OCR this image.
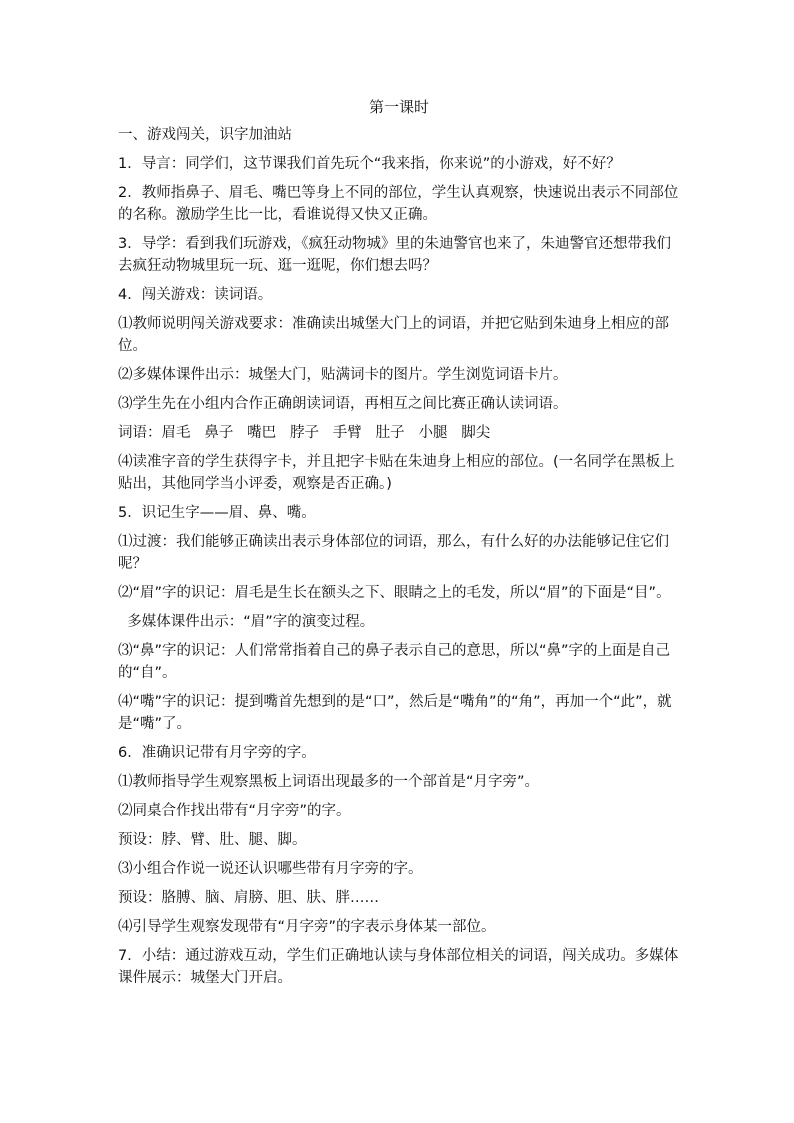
第一课时
一、游戏闯关，识字加油站
1．导言：同学们，这节课我们首先玩个“我来指，你来说”的小游戏，好不好？
2．教师指鼻子、眉毛、嘴巴等身上不同的部位，学生认真观察，快速说出表示不同部位的名称。激励学生比一比，看谁说得又快又正确。
3．导学：看到我们玩游戏，《疯狂动物城》里的朱迪警官也来了，朱迪警官还想带我们去疯狂动物城里玩一玩、逛一逛呢，你们想去吗？
4．闯关游戏：读词语。
⑴教师说明闯关游戏要求：准确读出城堡大门上的词语，并把它贴到朱迪身上相应的部位。
⑵多媒体课件出示：城堡大门，贴满词卡的图片。学生浏览词语卡片。
⑶学生先在小组内合作正确朗读词语，再相互之间比赛正确认读词语。
词语：眉毛   鼻子   嘴巴   脖子   手臂   肚子   小腿   脚尖
⑷读准字音的学生获得字卡，并且把字卡贴在朱迪身上相应的部位。(一名同学在黑板上贴出，其他同学当小评委，观察是否正确。)
5．识记生字——眉、鼻、嘴。
⑴过渡：我们能够正确读出表示身体部位的词语，那么，有什么好的办法能够记住它们呢？
⑵“眉”字的识记：眉毛是生长在额头之下、眼睛之上的毛发，所以“眉”的下面是“目”。
多媒体课件出示：“眉”字的演变过程。
⑶“鼻”字的识记：人们常常指着自己的鼻子表示自己的意思，所以“鼻”字的上面是自己的“自”。
⑷“嘴”字的识记：提到嘴首先想到的是“口”，然后是“嘴角”的“角”，再加一个“此”，就是“嘴”了。
6．准确识记带有月字旁的字。
⑴教师指导学生观察黑板上词语出现最多的一个部首是“月字旁”。
⑵同桌合作找出带有“月字旁”的字。
预设：脖、臂、肚、腿、脚。
⑶小组合作说一说还认识哪些带有月字旁的字。
预设：胳膊、脑、肩膀、胆、肤、胖……
⑷引导学生观察发现带有“月字旁”的字表示身体某一部位。
7．小结：通过游戏互动，学生们正确地认读与身体部位相关的词语，闯关成功。多媒体课件展示：城堡大门开启。
